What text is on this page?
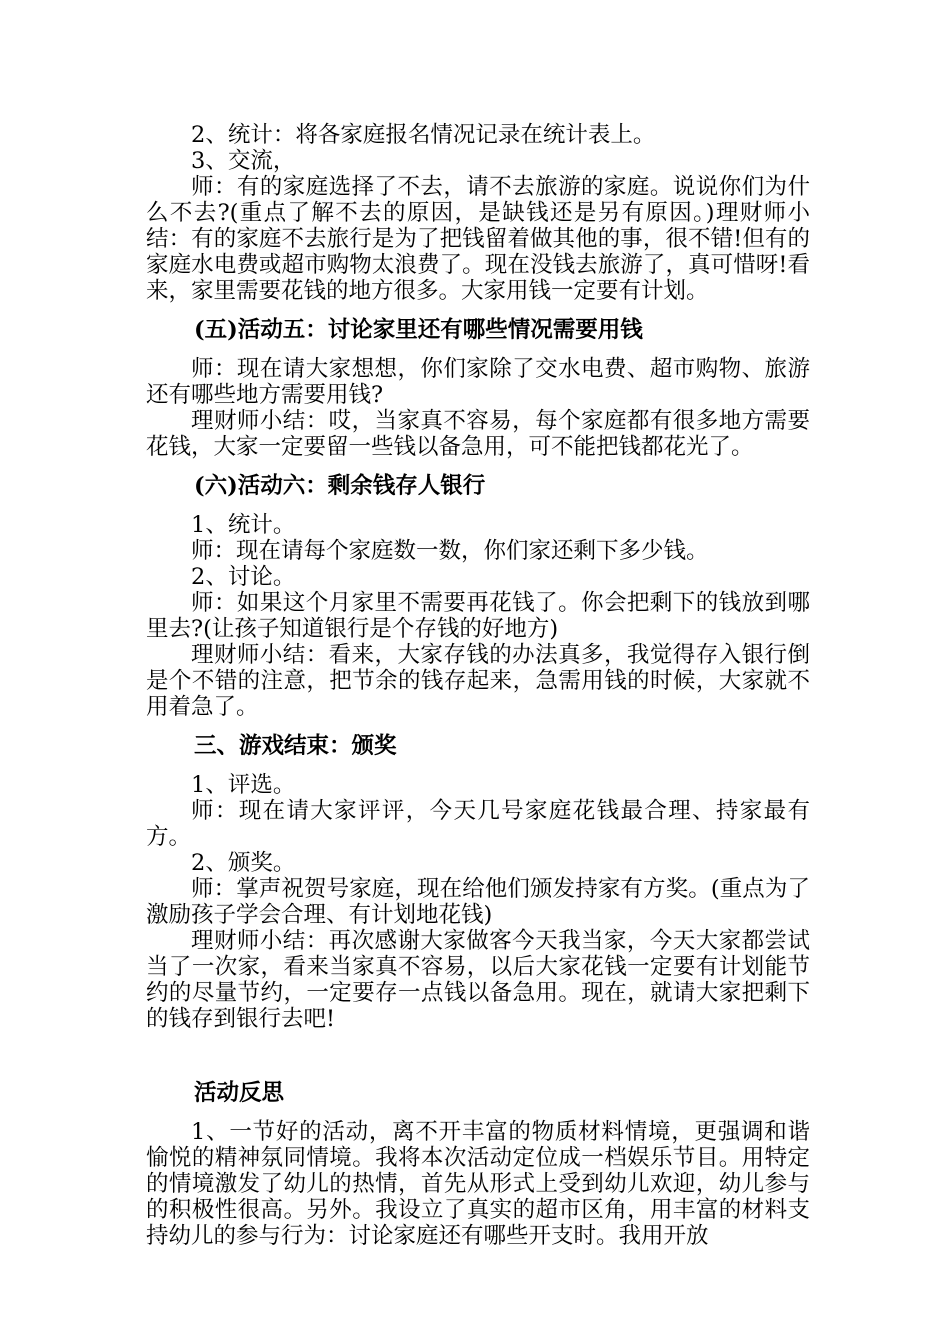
2、统计：将各家庭报名情况记录在统计表上。

3、交流，

师：有的家庭选择了不去，请不去旅游的家庭。说说你们为什么不去?(重点了解不去的原因，是缺钱还是另有原因。)理财师小结：有的家庭不去旅行是为了把钱留着做其他的事，很不错!但有的家庭水电费或超市购物太浪费了。现在没钱去旅游了，真可惜呀!看来，家里需要花钱的地方很多。大家用钱一定要有计划。

(五)活动五：讨论家里还有哪些情况需要用钱

师：现在请大家想想，你们家除了交水电费、超市购物、旅游还有哪些地方需要用钱?

理财师小结：哎，当家真不容易，每个家庭都有很多地方需要花钱，大家一定要留一些钱以备急用，可不能把钱都花光了。

(六)活动六：剩余钱存人银行

1、统计。

师：现在请每个家庭数一数，你们家还剩下多少钱。

2、讨论。

师：如果这个月家里不需要再花钱了。你会把剩下的钱放到哪里去?(让孩子知道银行是个存钱的好地方)

理财师小结：看来，大家存钱的办法真多，我觉得存入银行倒是个不错的注意，把节余的钱存起来，急需用钱的时候，大家就不用着急了。

三、游戏结束：颁奖

1、评选。

师：现在请大家评评，今天几号家庭花钱最合理、持家最有方。

2、颁奖。

师：掌声祝贺号家庭，现在给他们颁发持家有方奖。(重点为了激励孩子学会合理、有计划地花钱)

理财师小结：再次感谢大家做客今天我当家，今天大家都尝试当了一次家，看来当家真不容易，以后大家花钱一定要有计划能节约的尽量节约，一定要存一点钱以备急用。现在，就请大家把剩下的钱存到银行去吧!

活动反思

1、一节好的活动，离不开丰富的物质材料情境，更强调和谐愉悦的精神氛同情境。我将本次活动定位成一档娱乐节目。用特定的情境激发了幼儿的热情，首先从形式上受到幼儿欢迎，幼儿参与的积极性很高。另外。我设立了真实的超市区角，用丰富的材料支持幼儿的参与行为：讨论家庭还有哪些开支时。我用开放
